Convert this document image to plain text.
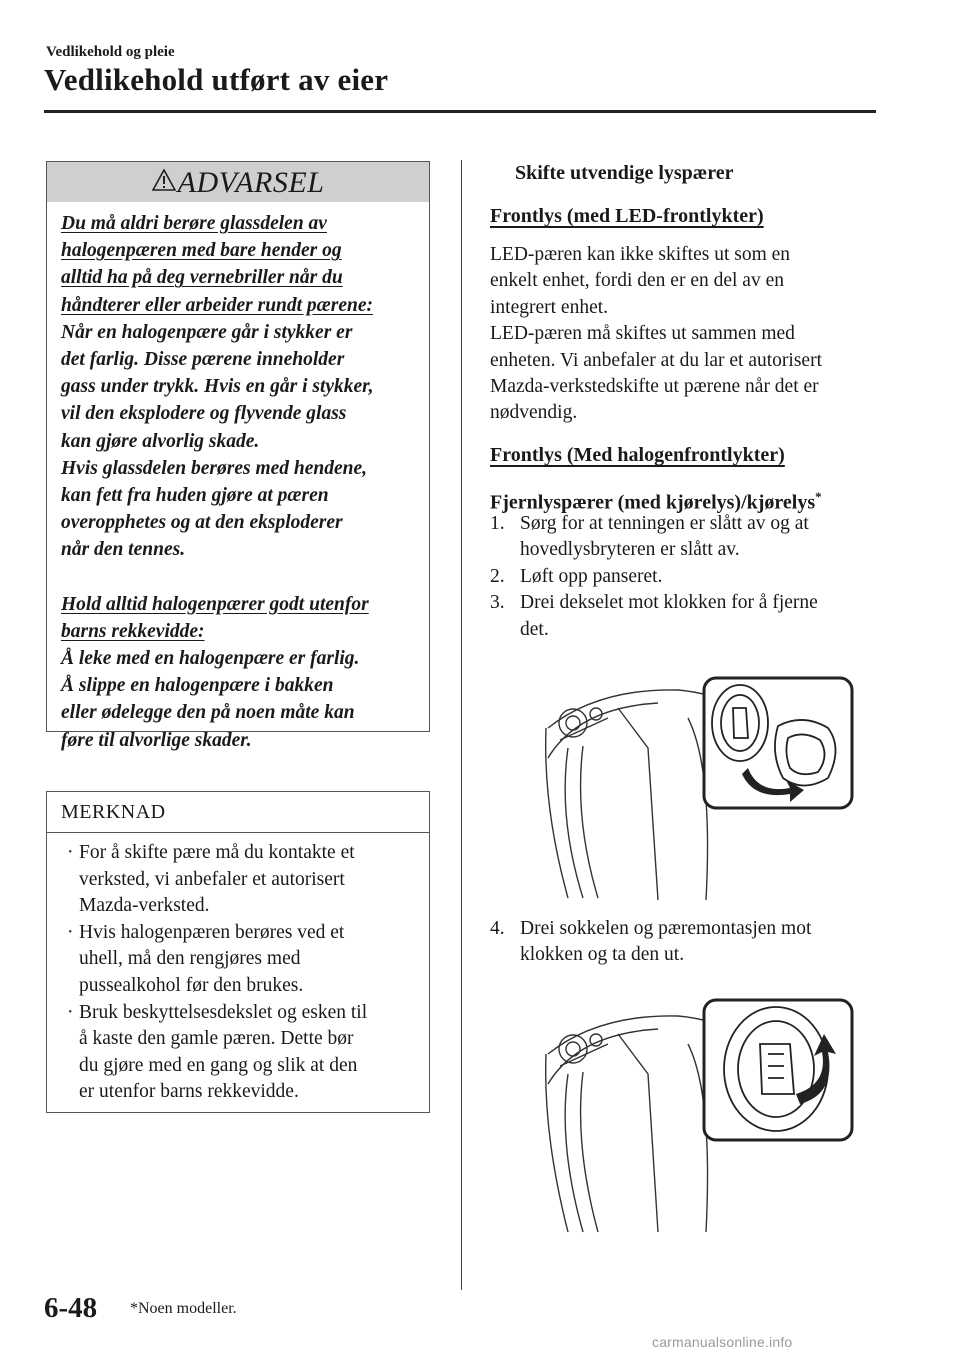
Vedlikehold og pleie
Vedlikehold utført av eier
ADVARSEL
Du må aldri berøre glassdelen av
halogenpæren med bare hender og
alltid ha på deg vernebriller når du
håndterer eller arbeider rundt pærene:
Når en halogenpære går i stykker er
det farlig. Disse pærene inneholder
gass under trykk. Hvis en går i stykker,
vil den eksplodere og flyvende glass
kan gjøre alvorlig skade.
Hvis glassdelen berøres med hendene,
kan fett fra huden gjøre at pæren
overopphetes og at den eksploderer
når den tennes.
Hold alltid halogenpærer godt utenfor
barns rekkevidde:
Å leke med en halogenpære er farlig.
Å slippe en halogenpære i bakken
eller ødelegge den på noen måte kan
føre til alvorlige skader.
MERKNAD
· For å skifte pære må du kontakte et
verksted, vi anbefaler et autorisert
Mazda-verksted.
· Hvis halogenpæren berøres ved et
uhell, må den rengjøres med
pussealkohol før den brukes.
· Bruk beskyttelsesdekslet og esken til
å kaste den gamle pæren. Dette bør
du gjøre med en gang og slik at den
er utenfor barns rekkevidde.
Skifte utvendige lyspærer
Frontlys (med LED-frontlykter)
LED-pæren kan ikke skiftes ut som en
enkelt enhet, fordi den er en del av en
integrert enhet.
LED-pæren må skiftes ut sammen med
enheten. Vi anbefaler at du lar et autorisert
Mazda-verkstedskifte ut pærene når det er
nødvendig.
Frontlys (Med halogenfrontlykter)
Fjernlyspærer (med kjørelys)/kjørelys*
1. Sørg for at tenningen er slått av og at
hovedlysbryteren er slått av.
2. Løft opp panseret.
3. Drei dekselet mot klokken for å fjerne
det.
4. Drei sokkelen og pæremontasjen mot
klokken og ta den ut.
6-48 *Noen modeller.
carmanualsonline.info
